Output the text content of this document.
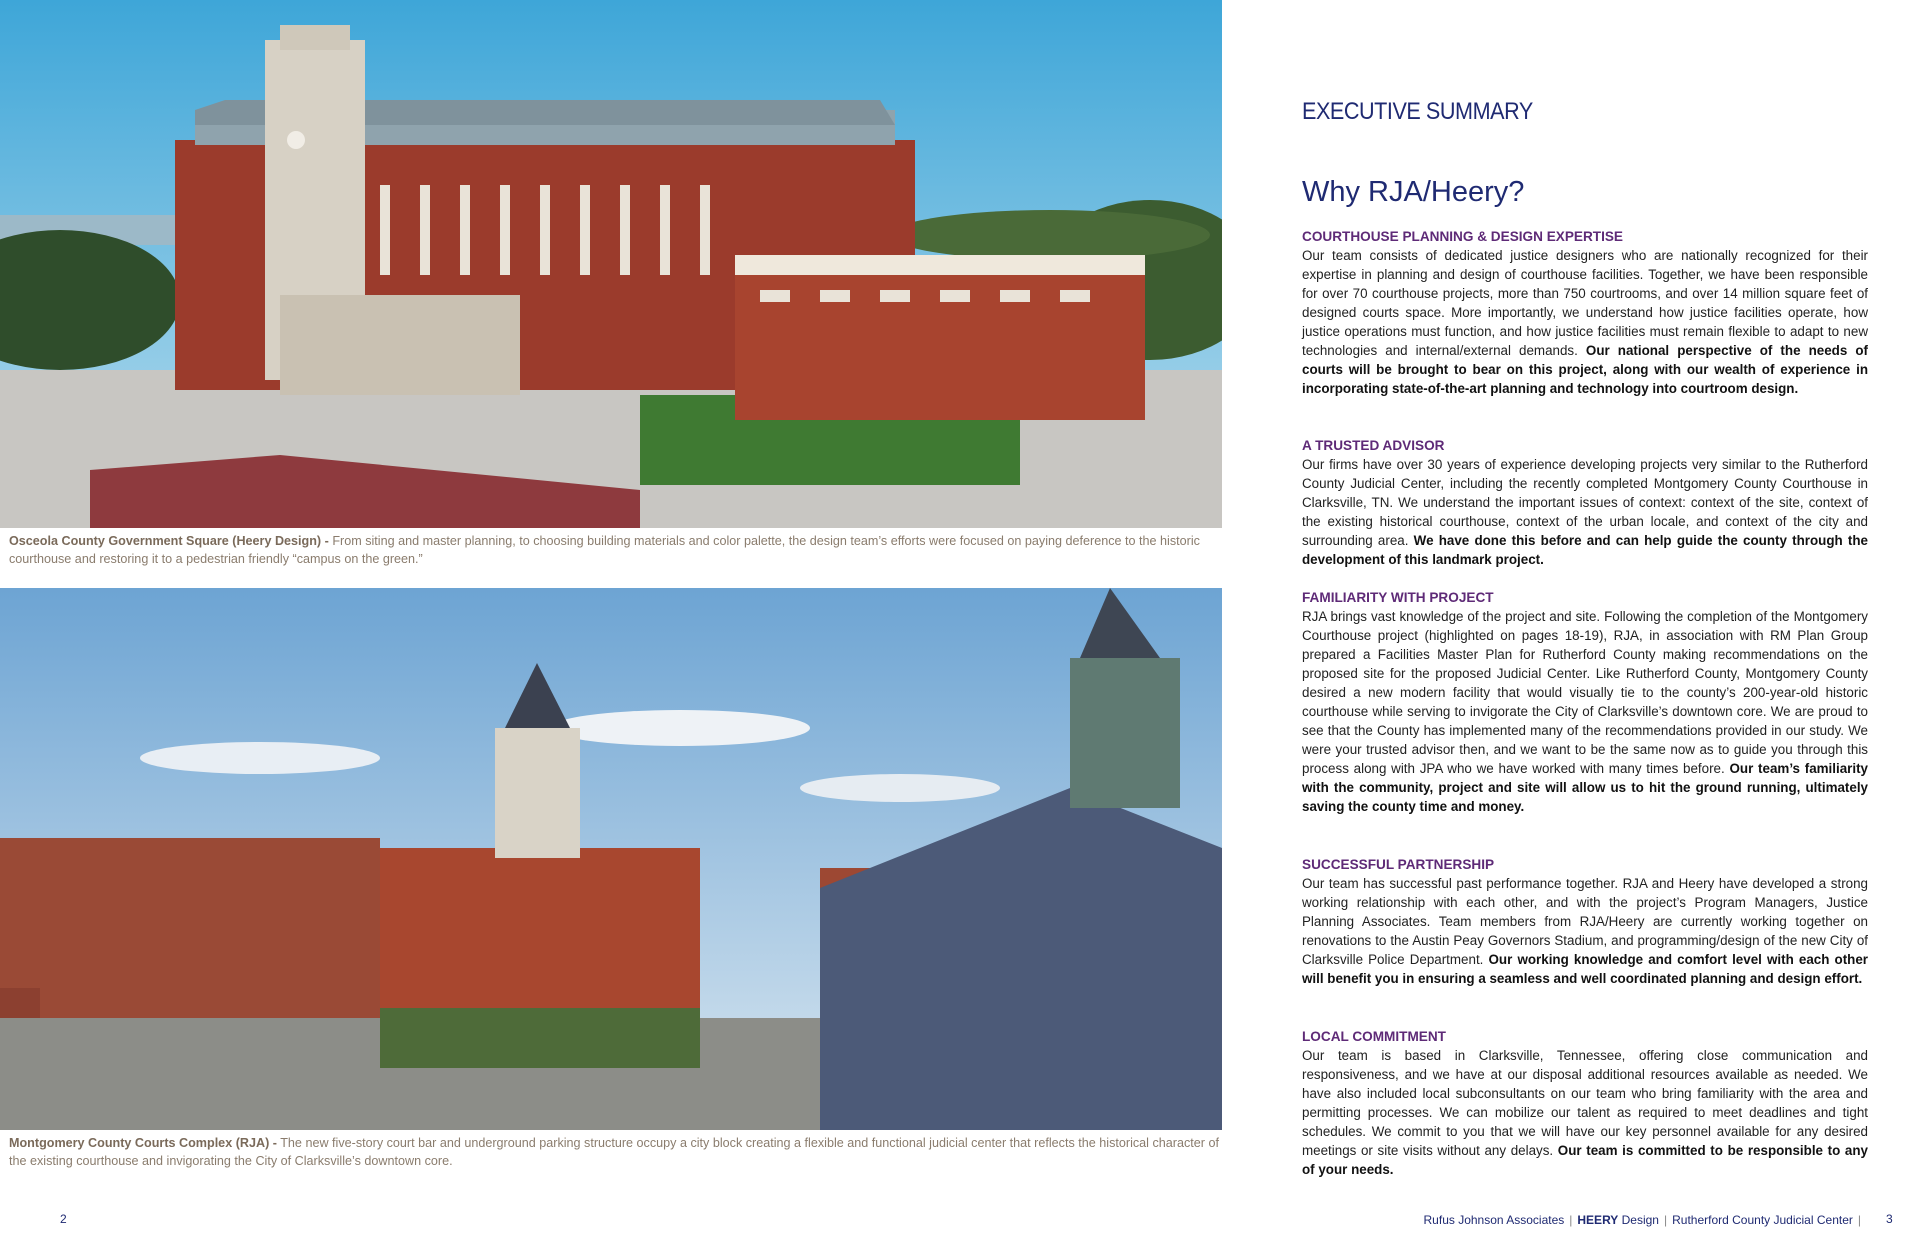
Osceola County Government Square (Heery Design) - From siting and master planning, to choosing building materials and color palette, the design team’s efforts were focused on paying deference to the historic courthouse and restoring it to a pedestrian friendly “campus on the green.”
Montgomery County Courts Complex (RJA) - The new five-story court bar and underground parking structure occupy a city block creating a flexible and functional judicial center that reflects the historical character of the existing courthouse and invigorating the City of Clarksville’s downtown core.
2
EXECUTIVE SUMMARY
Why RJA/Heery?
COURTHOUSE PLANNING & DESIGN EXPERTISE

Our team consists of dedicated justice designers who are nationally recognized for their expertise in planning and design of courthouse facilities. Together, we have been responsible for over 70 courthouse projects, more than 750 courtrooms, and over 14 million square feet of designed courts space. More importantly, we understand how justice facilities operate, how justice operations must function, and how justice facilities must remain flexible to adapt to new technologies and internal/external demands. Our national perspective of the needs of courts will be brought to bear on this project, along with our wealth of experience in incorporating state-of-the-art planning and technology into courtroom design.

A TRUSTED ADVISOR

Our firms have over 30 years of experience developing projects very similar to the Rutherford County Judicial Center, including the recently completed Montgomery County Courthouse in Clarksville, TN. We understand the important issues of context: context of the site, context of the existing historical courthouse, context of the urban locale, and context of the city and surrounding area. We have done this before and can help guide the county through the development of this landmark project.

FAMILIARITY WITH PROJECT

RJA brings vast knowledge of the project and site. Following the completion of the Montgomery Courthouse project (highlighted on pages 18-19), RJA, in association with RM Plan Group prepared a Facilities Master Plan for Rutherford County making recommendations on the proposed site for the proposed Judicial Center. Like Rutherford County, Montgomery County desired a new modern facility that would visually tie to the county’s 200-year-old historic courthouse while serving to invigorate the City of Clarksville’s downtown core. We are proud to see that the County has implemented many of the recommendations provided in our study. We were your trusted advisor then, and we want to be the same now as to guide you through this process along with JPA who we have worked with many times before. Our team’s familiarity with the community, project and site will allow us to hit the ground running, ultimately saving the county time and money.

SUCCESSFUL PARTNERSHIP

Our team has successful past performance together. RJA and Heery have developed a strong working relationship with each other, and with the project’s Program Managers, Justice Planning Associates. Team members from RJA/Heery are currently working together on renovations to the Austin Peay Governors Stadium, and programming/design of the new City of Clarksville Police Department. Our working knowledge and comfort level with each other will benefit you in ensuring a seamless and well coordinated planning and design effort.

LOCAL COMMITMENT

Our team is based in Clarksville, Tennessee, offering close communication and responsiveness, and we have at our disposal additional resources available as needed. We have also included local subconsultants on our team who bring familiarity with the area and permitting processes. We can mobilize our talent as required to meet deadlines and tight schedules. We commit to you that we will have our key personnel available for any desired meetings or site visits without any delays. Our team is committed to be responsible to any of your needs.

Rufus Johnson Associates | HEERY Design | Rutherford County Judicial Center |	3
